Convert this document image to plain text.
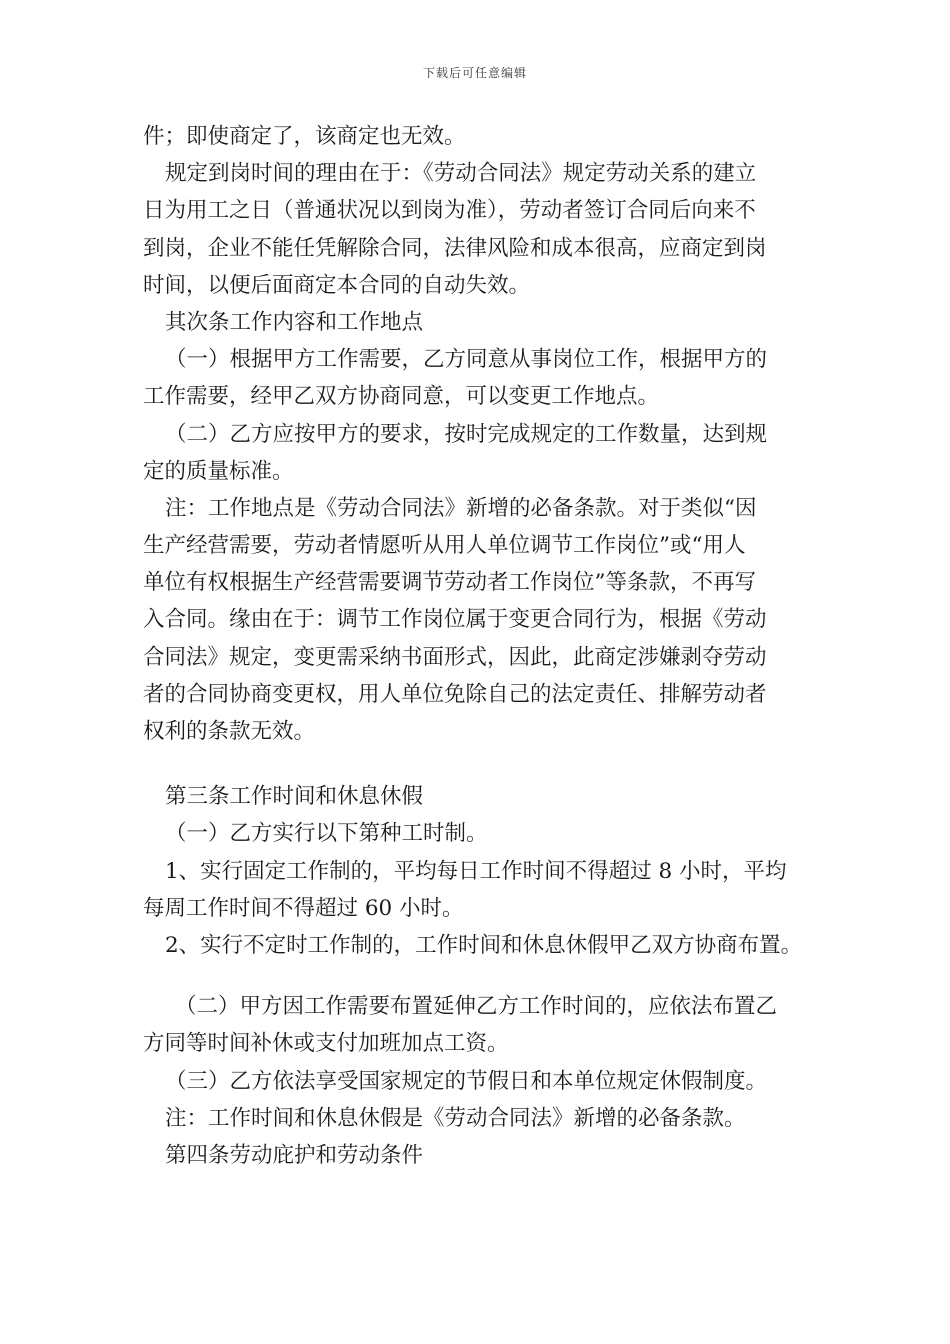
下载后可任意编辑
件；即使商定了，该商定也无效。
规定到岗时间的理由在于：《劳动合同法》规定劳动关系的建立
日为用工之日（普通状况以到岗为准），劳动者签订合同后向来不
到岗，企业不能任凭解除合同，法律风险和成本很高，应商定到岗
时间，以便后面商定本合同的自动失效。
其次条工作内容和工作地点
（一）根据甲方工作需要，乙方同意从事岗位工作，根据甲方的
工作需要，经甲乙双方协商同意，可以变更工作地点。
（二）乙方应按甲方的要求，按时完成规定的工作数量，达到规
定的质量标准。
注：工作地点是《劳动合同法》新增的必备条款。对于类似“因
生产经营需要，劳动者情愿听从用人单位调节工作岗位”或“用人
单位有权根据生产经营需要调节劳动者工作岗位”等条款，不再写
入合同。缘由在于：调节工作岗位属于变更合同行为，根据《劳动
合同法》规定，变更需采纳书面形式，因此，此商定涉嫌剥夺劳动
者的合同协商变更权，用人单位免除自己的法定责任、排解劳动者
权利的条款无效。
第三条工作时间和休息休假
（一）乙方实行以下第种工时制。
1、实行固定工作制的，平均每日工作时间不得超过 8 小时，平均
每周工作时间不得超过 60 小时。
2、实行不定时工作制的，工作时间和休息休假甲乙双方协商布置。
（二）甲方因工作需要布置延伸乙方工作时间的，应依法布置乙
方同等时间补休或支付加班加点工资。
（三）乙方依法享受国家规定的节假日和本单位规定休假制度。
注：工作时间和休息休假是《劳动合同法》新增的必备条款。
第四条劳动庇护和劳动条件
